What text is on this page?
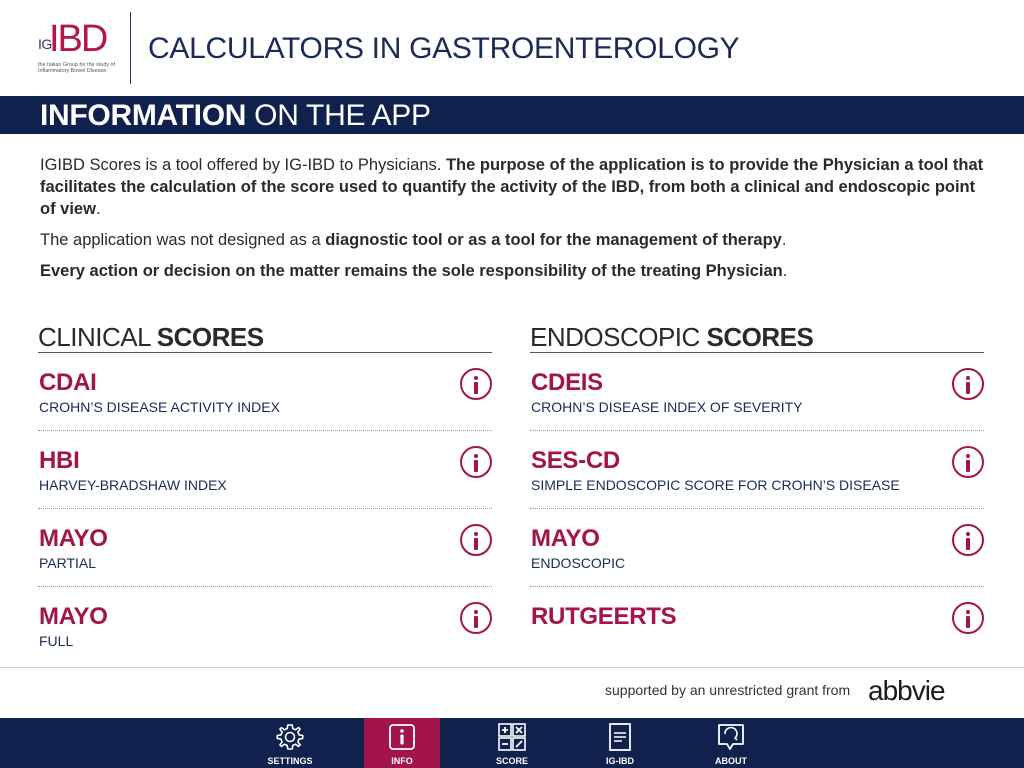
IG
IBD
the Italian Group for the study of Inflammatory Bowel Disease
CALCULATORS IN GASTROENTEROLOGY
INFORMATION ON THE APP

IGIBD Scores is a tool offered by IG-IBD to Physicians. The purpose of the application is to provide the Physician a tool that facilitates the calculation of the score used to quantify the activity of the IBD, from both a clinical and endoscopic point of view.

The application was not designed as a diagnostic tool or as a tool for the management of therapy.

Every action or decision on the matter remains the sole responsibility of the treating Physician.

CLINICAL SCORES
CDAI
CROHN’S DISEASE ACTIVITY INDEX
HBI
HARVEY-BRADSHAW INDEX
MAYO
PARTIAL
MAYO
FULL
ENDOSCOPIC SCORES
CDEIS
CROHN’S DISEASE INDEX OF SEVERITY
SES-CD
SIMPLE ENDOSCOPIC SCORE FOR CROHN’S DISEASE
MAYO
ENDOSCOPIC
RUTGEERTS
supported by an unrestricted grant from abbvie
SETTINGS	INFO	SCORE	IG-IBD	ABOUT
